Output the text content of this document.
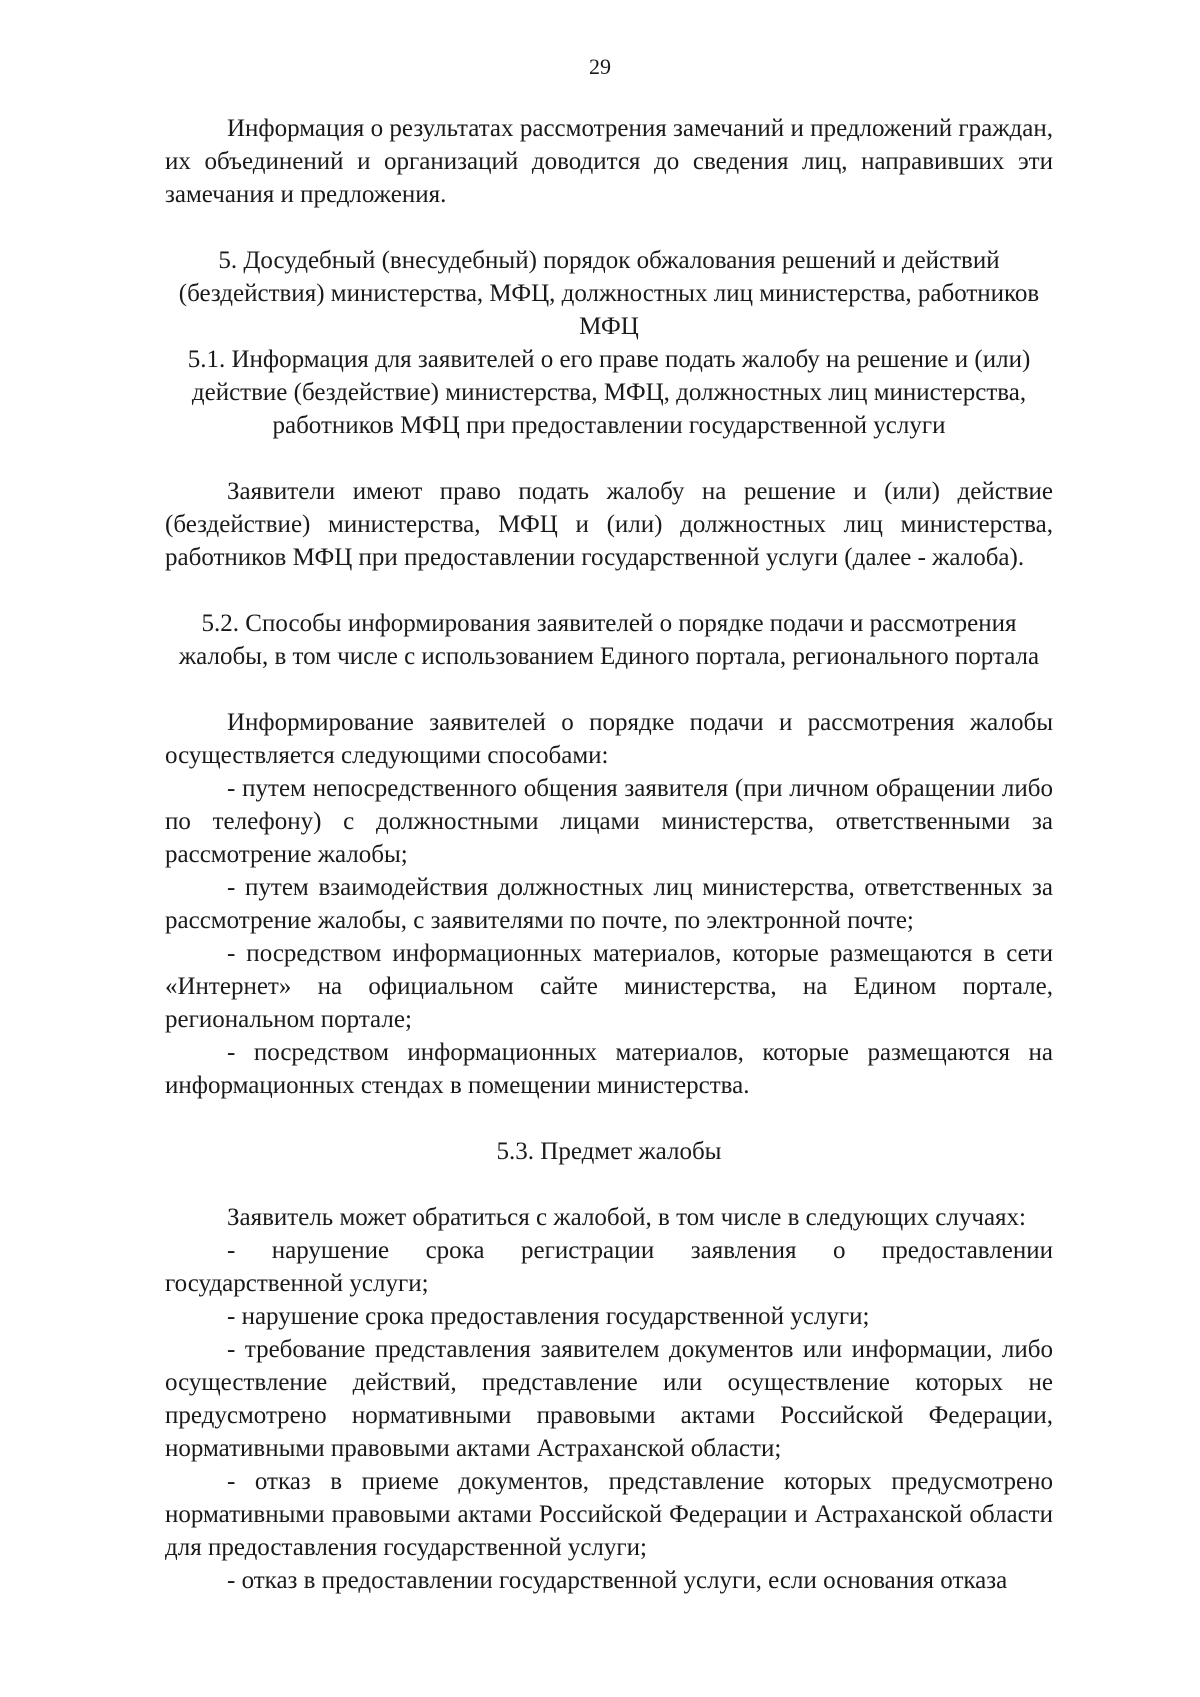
29

Информация о результатах рассмотрения замечаний и предложений граждан, их объединений и организаций доводится до сведения лиц, направивших эти замечания и предложения.

5. Досудебный (внесудебный) порядок обжалования решений и действий (бездействия) министерства, МФЦ, должностных лиц министерства, работников МФЦ

5.1. Информация для заявителей о его праве подать жалобу на решение и (или) действие (бездействие) министерства, МФЦ, должностных лиц министерства, работников МФЦ при предоставлении государственной услуги

Заявители имеют право подать жалобу на решение и (или) действие (бездействие) министерства, МФЦ и (или) должностных лиц министерства, работников МФЦ при предоставлении государственной услуги (далее - жалоба).

5.2. Способы информирования заявителей о порядке подачи и рассмотрения жалобы, в том числе с использованием Единого портала, регионального портала

Информирование заявителей о порядке подачи и рассмотрения жалобы осуществляется следующими способами:

- путем непосредственного общения заявителя (при личном обращении либо по телефону) с должностными лицами министерства, ответственными за рассмотрение жалобы;

- путем взаимодействия должностных лиц министерства, ответственных за рассмотрение жалобы, с заявителями по почте, по электронной почте;

- посредством информационных материалов, которые размещаются в сети «Интернет» на официальном сайте министерства, на Едином портале, региональном портале;

- посредством информационных материалов, которые размещаются на информационных стендах в помещении министерства.

5.3. Предмет жалобы

Заявитель может обратиться с жалобой, в том числе в следующих случаях:

- нарушение срока регистрации заявления о предоставлении государственной услуги;

- нарушение срока предоставления государственной услуги;

- требование представления заявителем документов или информации, либо осуществление действий, представление или осуществление которых не предусмотрено нормативными правовыми актами Российской Федерации, нормативными правовыми актами Астраханской области;

- отказ в приеме документов, представление которых предусмотрено нормативными правовыми актами Российской Федерации и Астраханской области для предоставления государственной услуги;

- отказ в предоставлении государственной услуги, если основания отказа
